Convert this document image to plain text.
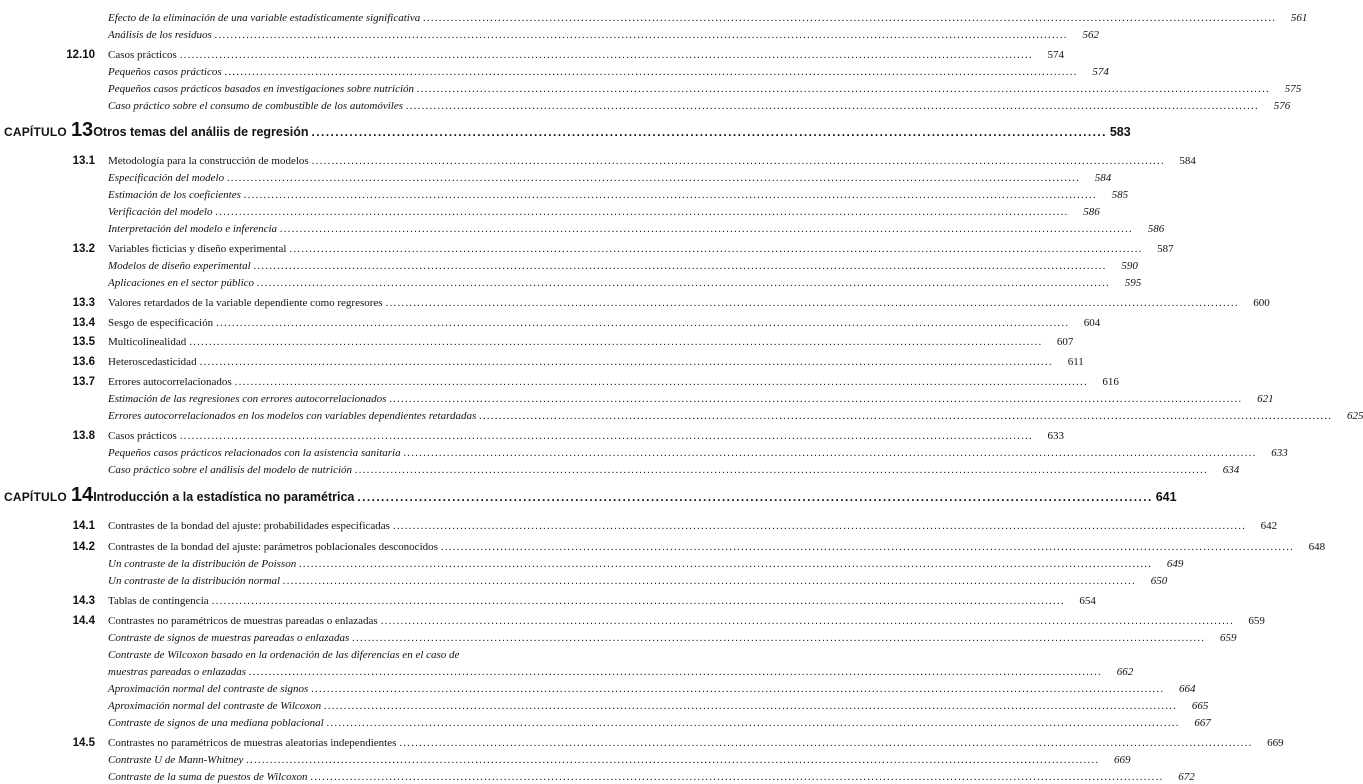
Efecto de la eliminación de una variable estadísticamente significativa .....	561
Análisis de los residuos .....	562
12.10 Casos prácticos .....	574
Pequeños casos prácticos .....	574
Pequeños casos prácticos basados en investigaciones sobre nutrición .....	575
Caso práctico sobre el consumo de combustible de los automóviles .....	576
CAPÍTULO 13 Otros temas del análiis de regresión .....	583
13.1 Metodología para la construcción de modelos .....	584
Especificación del modelo .....	584
Estimación de los coeficientes .....	585
Verificación del modelo .....	586
Interpretación del modelo e inferencia .....	586
13.2 Variables ficticias y diseño experimental .....	587
Modelos de diseño experimental .....	590
Aplicaciones en el sector público .....	595
13.3 Valores retardados de la variable dependiente como regresores .....	600
13.4 Sesgo de especificación .....	604
13.5 Multicolinealidad .....	607
13.6 Heteroscedasticidad .....	611
13.7 Errores autocorrelacionados .....	616
Estimación de las regresiones con errores autocorrelacionados .....	621
Errores autocorrelacionados en los modelos con variables dependientes retardadas .....	625
13.8 Casos prácticos .....	633
Pequeños casos prácticos relacionados con la asistencia sanitaria .....	633
Caso práctico sobre el análisis del modelo de nutrición .....	634
CAPÍTULO 14 Introducción a la estadística no paramétrica .....	641
14.1 Contrastes de la bondad del ajuste: probabilidades especificadas .....	642
14.2 Contrastes de la bondad del ajuste: parámetros poblacionales desconocidos .....	648
Un contraste de la distribución de Poisson .....	649
Un contraste de la distribución normal .....	650
14.3 Tablas de contingencia .....	654
14.4 Contrastes no paramétricos de muestras pareadas o enlazadas .....	659
Contraste de signos de muestras pareadas o enlazadas .....	659
Contraste de Wilcoxon basado en la ordenación de las diferencias en el caso de
muestras pareadas o enlazadas .....	662
Aproximación normal del contraste de signos .....	664
Aproximación normal del contraste de Wilcoxon .....	665
Contraste de signos de una mediana poblacional .....	667
14.5 Contrastes no paramétricos de muestras aleatorias independientes .....	669
Contraste U de Mann-Whitney .....	669
Contraste de la suma de puestos de Wilcoxon .....	672
